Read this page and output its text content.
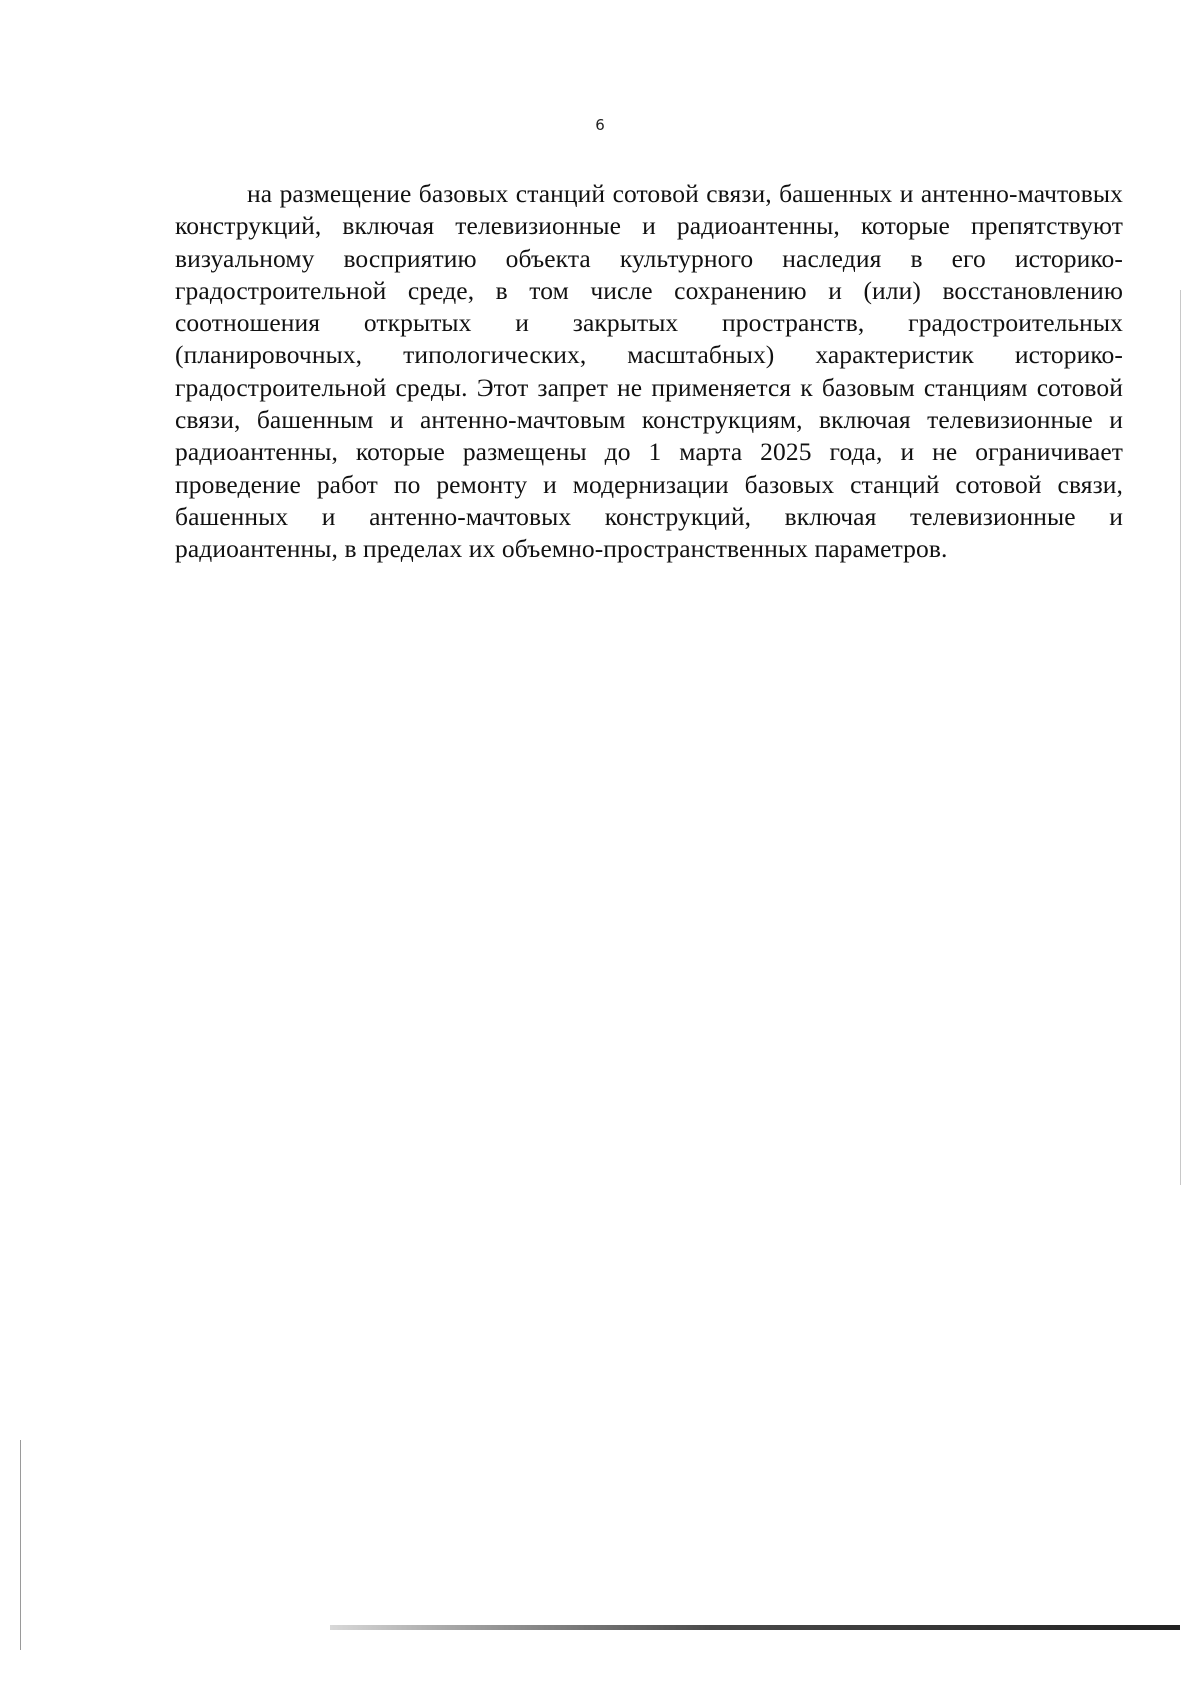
6

на размещение базовых станций сотовой связи, башенных и антенно-мачтовых конструкций, включая телевизионные и радиоантенны, которые препятствуют визуальному восприятию объекта культурного наследия в его историко-градостроительной среде, в том числе сохранению и (или) восстановлению соотношения открытых и закрытых пространств, градостроительных (планировочных, типологических, масштабных) характеристик историко-градостроительной среды. Этот запрет не применяется к базовым станциям сотовой связи, башенным и антенно-мачтовым конструкциям, включая телевизионные и радиоантенны, которые размещены до 1 марта 2025 года, и не ограничивает проведение работ по ремонту и модернизации базовых станций сотовой связи, башенных и антенно-мачтовых конструкций, включая телевизионные и радиоантенны, в пределах их объемно-пространственных параметров.
